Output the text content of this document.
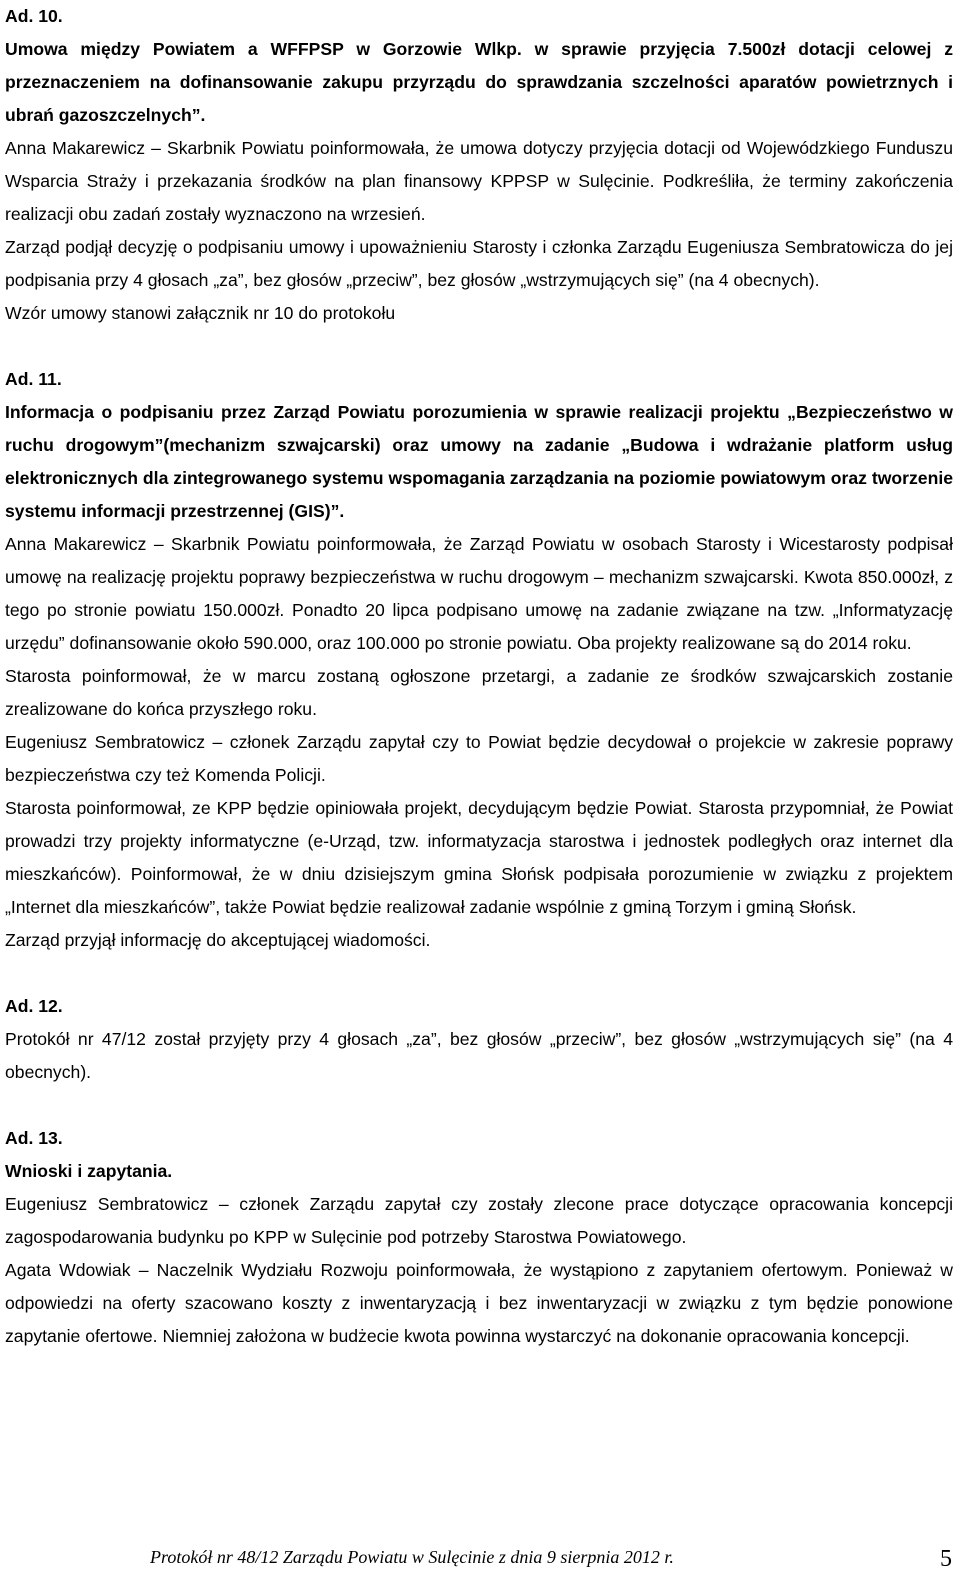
Ad. 10.

Umowa między Powiatem a WFFPSP w Gorzowie Wlkp. w sprawie przyjęcia 7.500zł dotacji celowej z przeznaczeniem na dofinansowanie zakupu przyrządu do sprawdzania szczelności aparatów powietrznych i ubrań gazoszczelnych”.

Anna Makarewicz – Skarbnik Powiatu poinformowała, że umowa dotyczy przyjęcia dotacji od Wojewódzkiego Funduszu Wsparcia Straży i przekazania środków na plan finansowy KPPSP w Sulęcinie. Podkreśliła, że terminy zakończenia realizacji obu zadań zostały wyznaczono na wrzesień.

Zarząd podjął decyzję o podpisaniu umowy i upoważnieniu Starosty i członka Zarządu Eugeniusza Sembratowicza do jej podpisania przy 4 głosach „za”, bez głosów „przeciw”, bez głosów „wstrzymujących się” (na 4 obecnych).

Wzór umowy stanowi załącznik nr 10 do protokołu

Ad. 11.

Informacja o podpisaniu przez Zarząd Powiatu porozumienia w sprawie realizacji projektu „Bezpieczeństwo w ruchu drogowym”(mechanizm szwajcarski) oraz umowy na zadanie „Budowa i wdrażanie platform usług elektronicznych dla zintegrowanego systemu wspomagania zarządzania na poziomie powiatowym oraz tworzenie systemu informacji przestrzennej (GIS)”.

Anna Makarewicz – Skarbnik Powiatu poinformowała, że Zarząd Powiatu w osobach Starosty i Wicestarosty podpisał umowę na realizację projektu poprawy bezpieczeństwa w ruchu drogowym – mechanizm szwajcarski. Kwota 850.000zł, z tego po stronie powiatu 150.000zł. Ponadto 20 lipca podpisano umowę na zadanie związane na tzw. „Informatyzację urzędu” dofinansowanie około 590.000, oraz 100.000 po stronie powiatu. Oba projekty realizowane są do 2014 roku.

Starosta poinformował, że w marcu zostaną ogłoszone przetargi, a zadanie ze środków szwajcarskich zostanie zrealizowane do końca przyszłego roku.

Eugeniusz Sembratowicz – członek Zarządu zapytał czy to Powiat będzie decydował o projekcie w zakresie poprawy bezpieczeństwa czy też Komenda Policji.

Starosta poinformował, ze KPP będzie opiniowała projekt, decydującym będzie Powiat. Starosta przypomniał, że Powiat prowadzi trzy projekty informatyczne (e-Urząd, tzw. informatyzacja starostwa i jednostek podległych oraz internet dla mieszkańców). Poinformował, że w dniu dzisiejszym gmina Słońsk podpisała porozumienie w związku z projektem „Internet dla mieszkańców”, także Powiat będzie realizował zadanie wspólnie z gminą Torzym i gminą Słońsk.

Zarząd przyjął informację do akceptującej wiadomości.

Ad. 12.

Protokół nr 47/12 został przyjęty przy 4 głosach „za”, bez głosów „przeciw”, bez głosów „wstrzymujących się” (na 4 obecnych).

Ad. 13.
Wnioski i zapytania.

Eugeniusz Sembratowicz – członek Zarządu zapytał czy zostały zlecone prace dotyczące opracowania koncepcji zagospodarowania budynku po KPP w Sulęcinie pod potrzeby Starostwa Powiatowego.

Agata Wdowiak – Naczelnik Wydziału Rozwoju poinformowała, że wystąpiono z zapytaniem ofertowym. Ponieważ w odpowiedzi na oferty szacowano koszty z inwentaryzacją i bez inwentaryzacji w związku z tym będzie ponowione zapytanie ofertowe. Niemniej założona w budżecie kwota powinna wystarczyć na dokonanie opracowania koncepcji.

Protokół nr 48/12 Zarządu Powiatu w Sulęcinie z dnia 9 sierpnia 2012 r.	5
